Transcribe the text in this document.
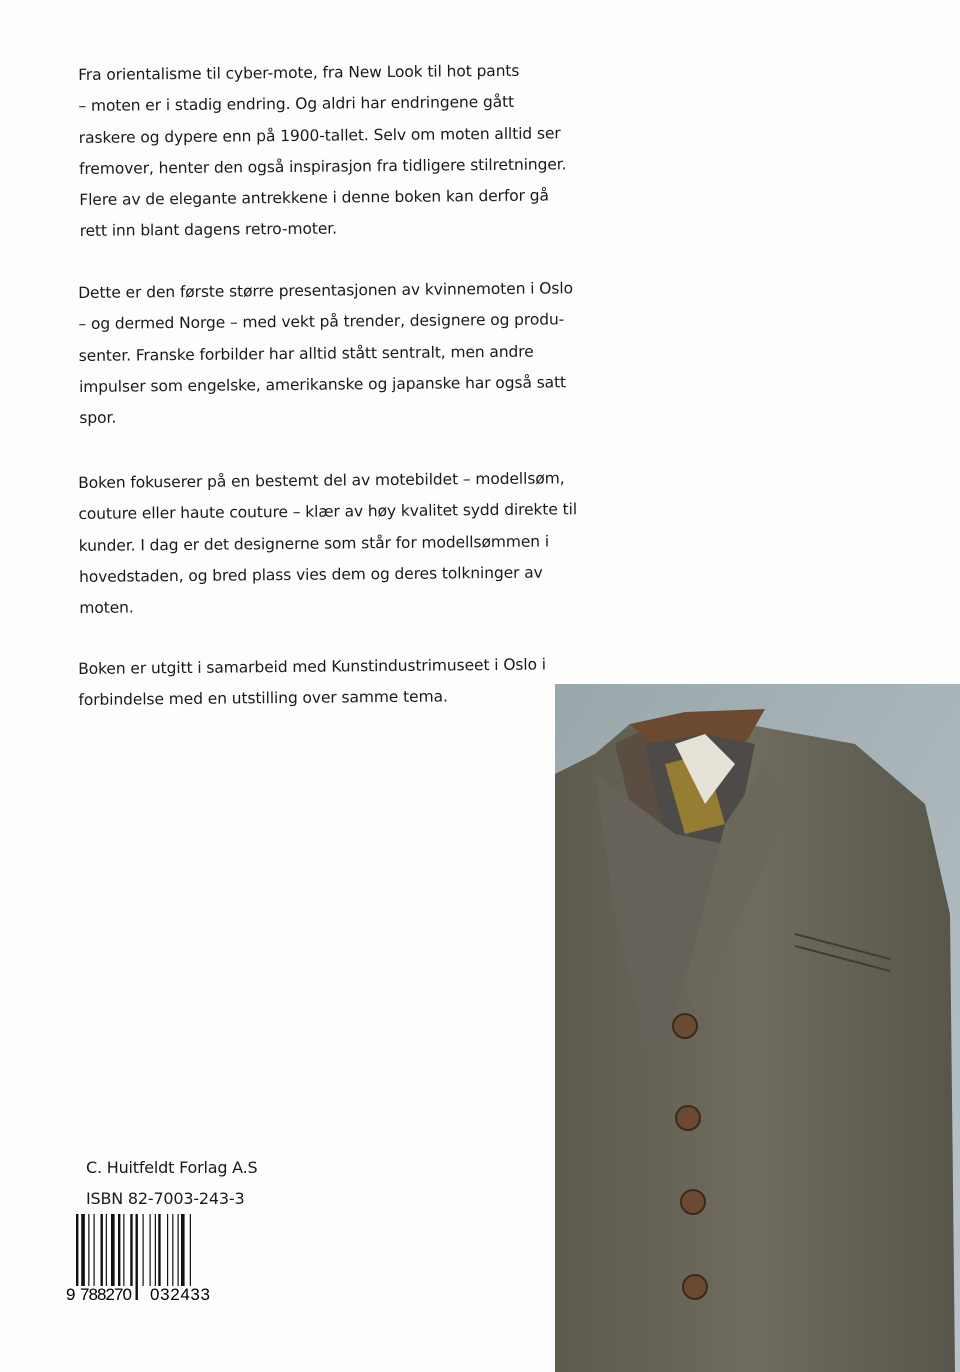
Fra orientalisme til cyber-mote, fra New Look til hot pants
– moten er i stadig endring. Og aldri har endringene gått
raskere og dypere enn på 1900-tallet. Selv om moten alltid ser
fremover, henter den også inspirasjon fra tidligere stilretninger.
Flere av de elegante antrekkene i denne boken kan derfor gå
rett inn blant dagens retro-moter.
Dette er den første større presentasjonen av kvinnemoten i Oslo
– og dermed Norge – med vekt på trender, designere og produ-
senter. Franske forbilder har alltid stått sentralt, men andre
impulser som engelske, amerikanske og japanske har også satt
spor.
Boken fokuserer på en bestemt del av motebildet – modellsøm,
couture eller haute couture – klær av høy kvalitet sydd direkte til
kunder. I dag er det designerne som står for modellsømmen i
hovedstaden, og bred plass vies dem og deres tolkninger av
moten.
Boken er utgitt i samarbeid med Kunstindustrimuseet i Oslo i
forbindelse med en utstilling over samme tema.
C. Huitfeldt Forlag A.S
ISBN 82-7003-243-3
9 788270 032433
